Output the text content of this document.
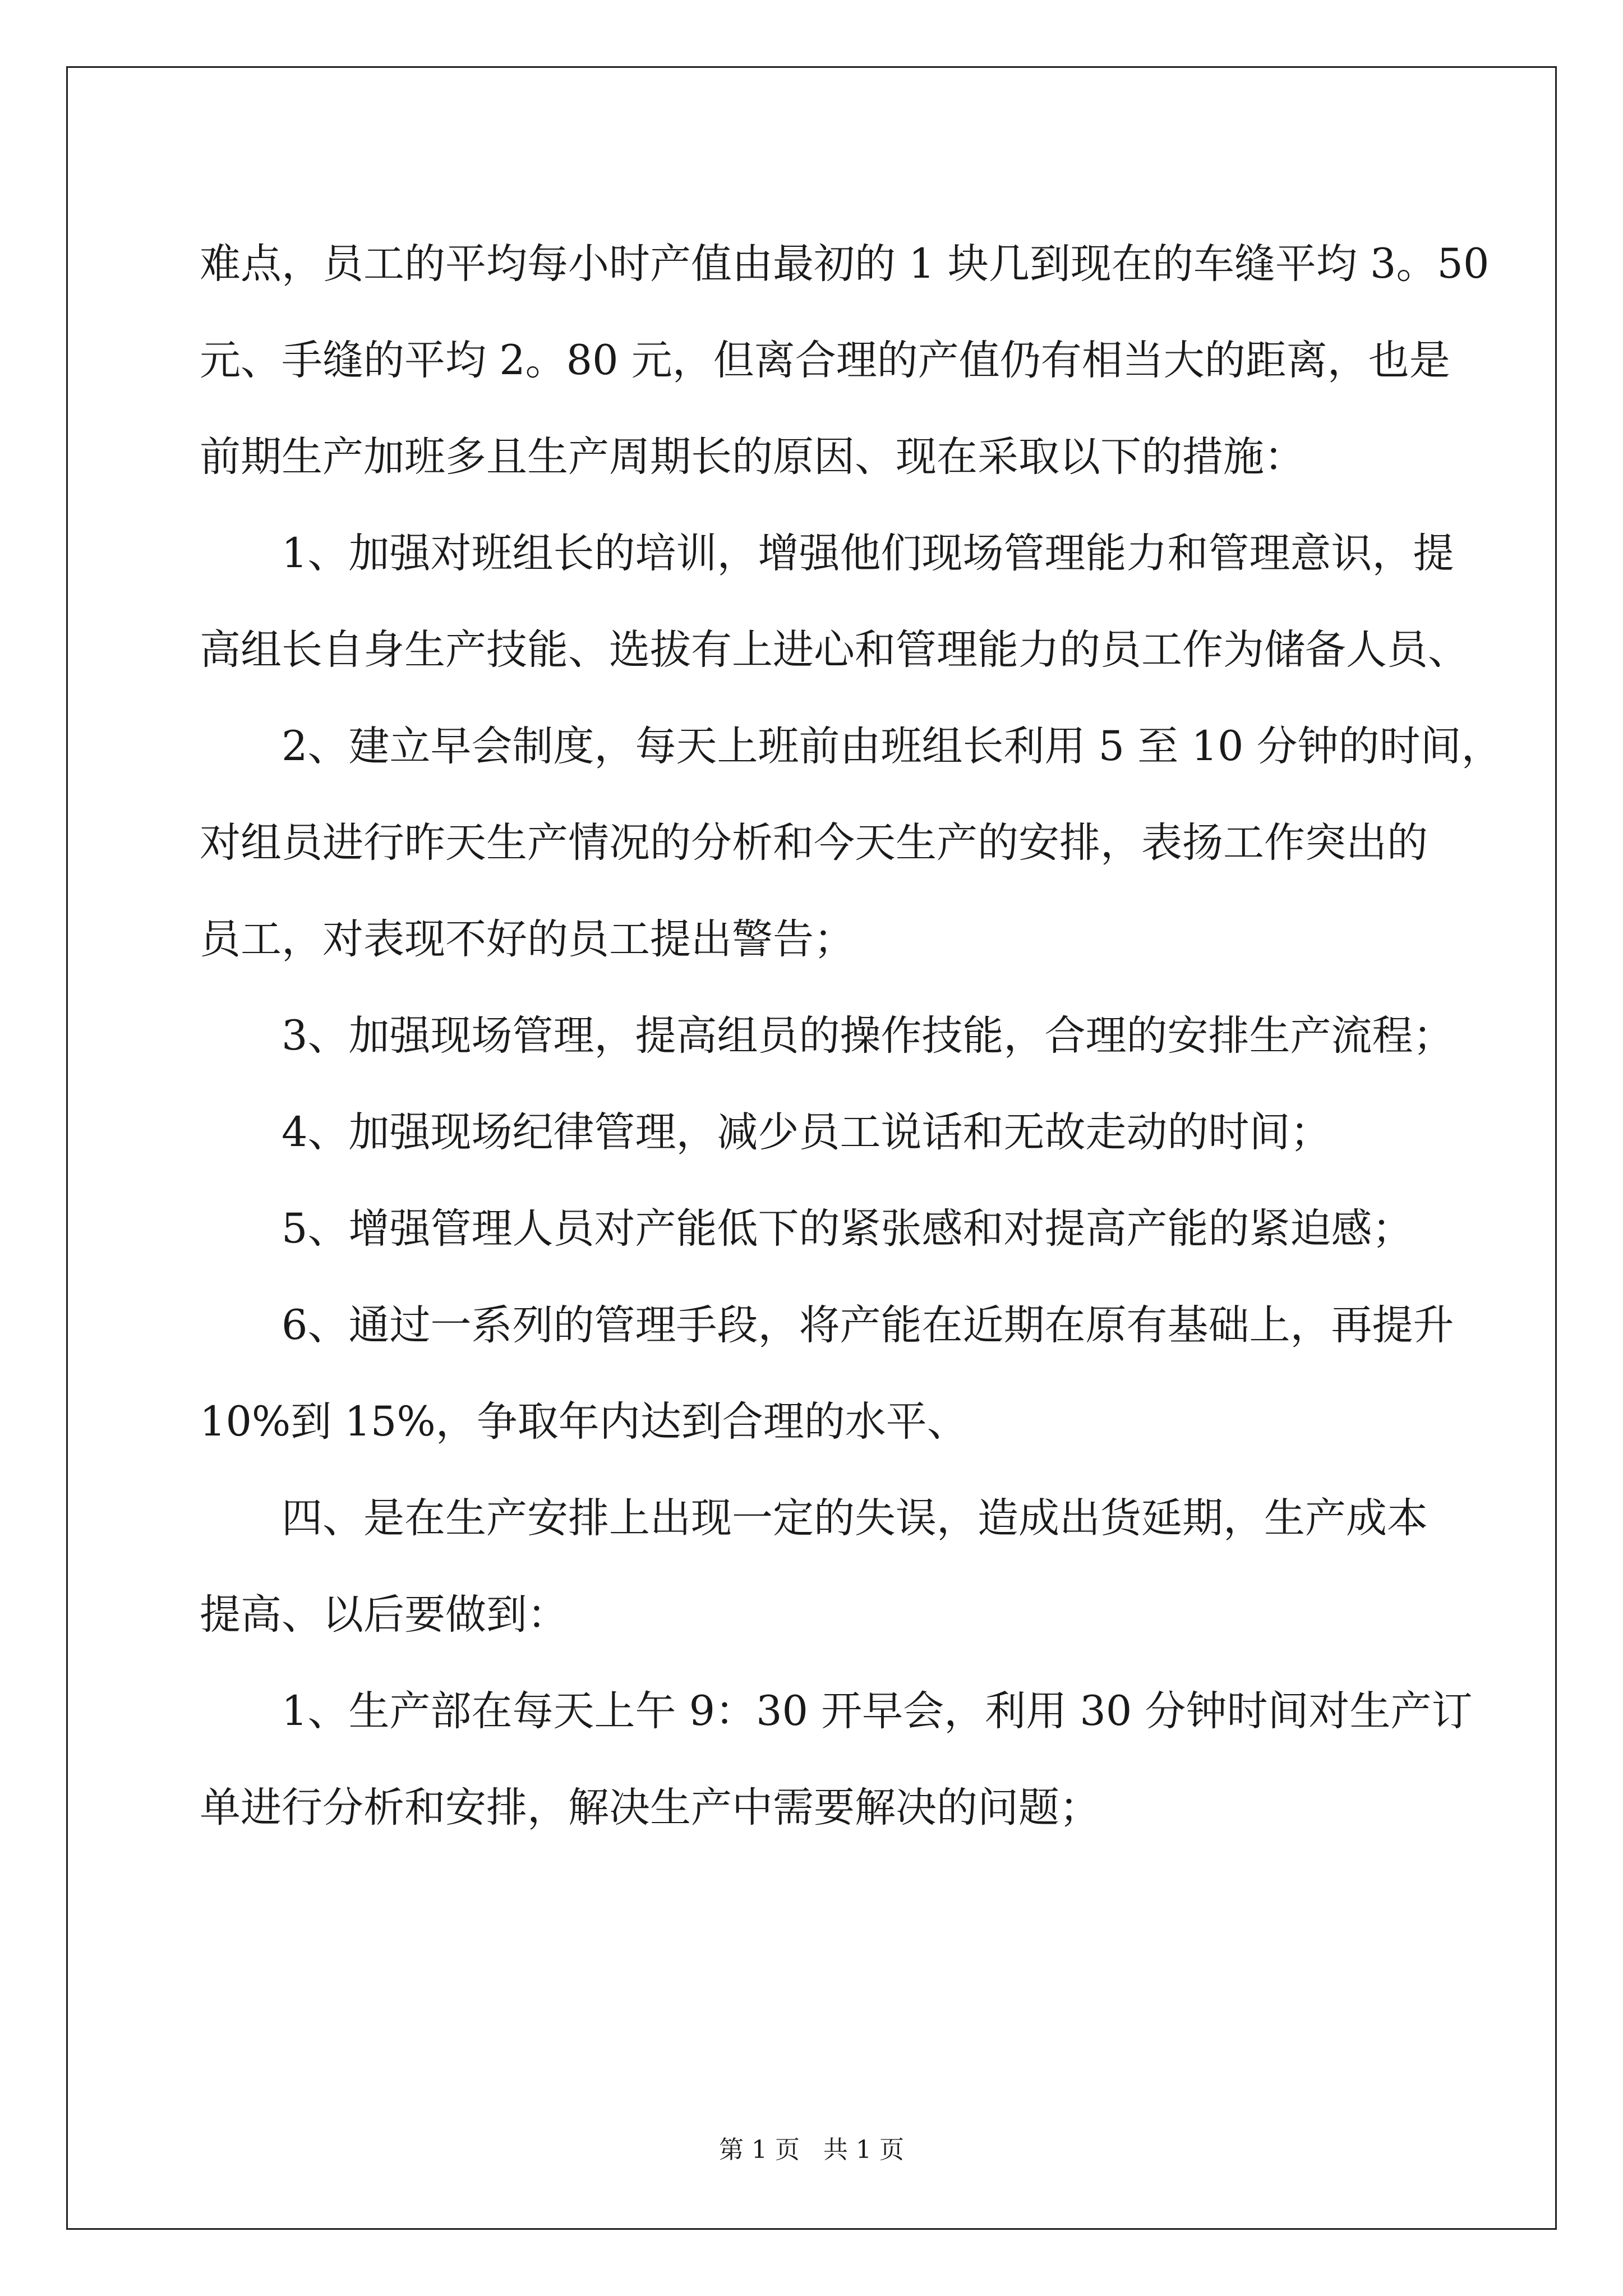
难点，员工的平均每小时产值由最初的 1 块几到现在的车缝平均 3。50
元、手缝的平均 2。80 元，但离合理的产值仍有相当大的距离，也是
前期生产加班多且生产周期长的原因、现在采取以下的措施：
1、加强对班组长的培训，增强他们现场管理能力和管理意识，提
高组长自身生产技能、选拔有上进心和管理能力的员工作为储备人员、
2、建立早会制度，每天上班前由班组长利用 5 至 10 分钟的时间，
对组员进行昨天生产情况的分析和今天生产的安排，表扬工作突出的
员工，对表现不好的员工提出警告；
3、加强现场管理，提高组员的操作技能，合理的安排生产流程；
4、加强现场纪律管理，减少员工说话和无故走动的时间；
5、增强管理人员对产能低下的紧张感和对提高产能的紧迫感；
6、通过一系列的管理手段，将产能在近期在原有基础上，再提升
10%到 15%，争取年内达到合理的水平、
四、是在生产安排上出现一定的失误，造成出货延期，生产成本
提高、以后要做到：
1、生产部在每天上午 9：30 开早会，利用 30 分钟时间对生产订
单进行分析和安排，解决生产中需要解决的问题；
第 1 页   共 1 页
